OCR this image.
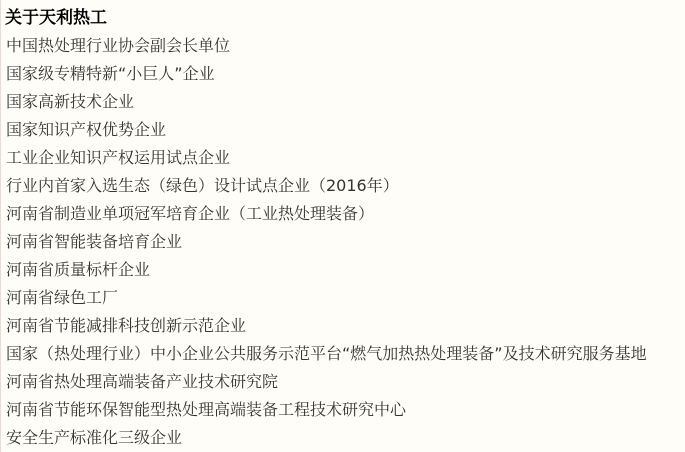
关于天利热工
中国热处理行业协会副会长单位
国家级专精特新“小巨人”企业
国家高新技术企业
国家知识产权优势企业
工业企业知识产权运用试点企业
行业内首家入选生态（绿色）设计试点企业（2016年）
河南省制造业单项冠军培育企业（工业热处理装备）
河南省智能装备培育企业
河南省质量标杆企业
河南省绿色工厂
河南省节能减排科技创新示范企业
国家（热处理行业）中小企业公共服务示范平台“燃气加热热处理装备”及技术研究服务基地
河南省热处理高端装备产业技术研究院
河南省节能环保智能型热处理高端装备工程技术研究中心
安全生产标准化三级企业
